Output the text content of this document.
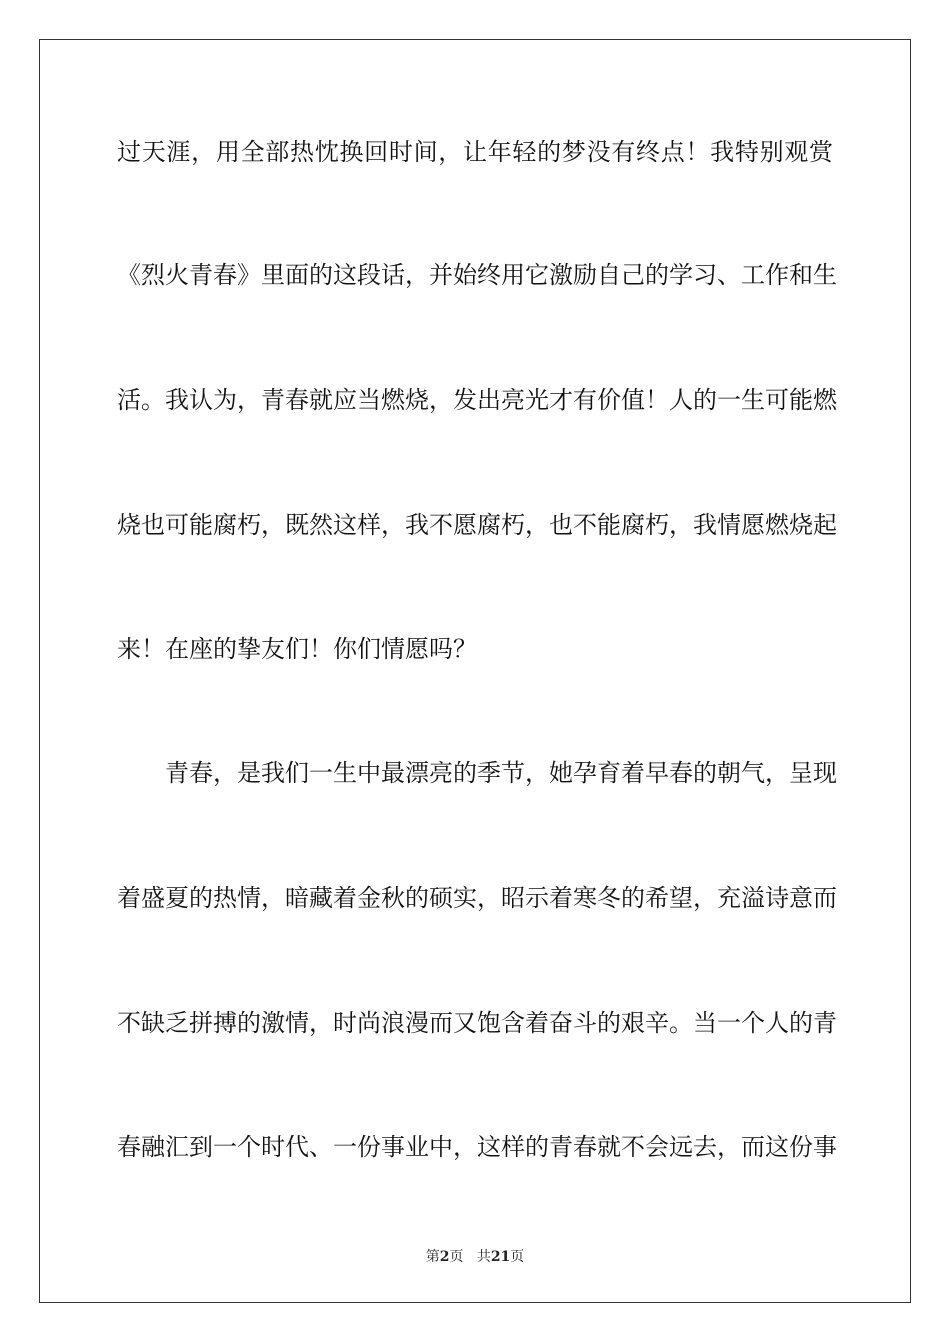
过天涯，用全部热忱换回时间，让年轻的梦没有终点！我特别观赏
《烈火青春》里面的这段话，并始终用它激励自己的学习、工作和生
活。我认为，青春就应当燃烧，发出亮光才有价值！人的一生可能燃
烧也可能腐朽，既然这样，我不愿腐朽，也不能腐朽，我情愿燃烧起
来！在座的挚友们！你们情愿吗？
青春，是我们一生中最漂亮的季节，她孕育着早春的朝气，呈现
着盛夏的热情，暗藏着金秋的硕实，昭示着寒冬的希望，充溢诗意而
不缺乏拼搏的激情，时尚浪漫而又饱含着奋斗的艰辛。当一个人的青
春融汇到一个时代、一份事业中，这样的青春就不会远去，而这份事
第2页 共21页
